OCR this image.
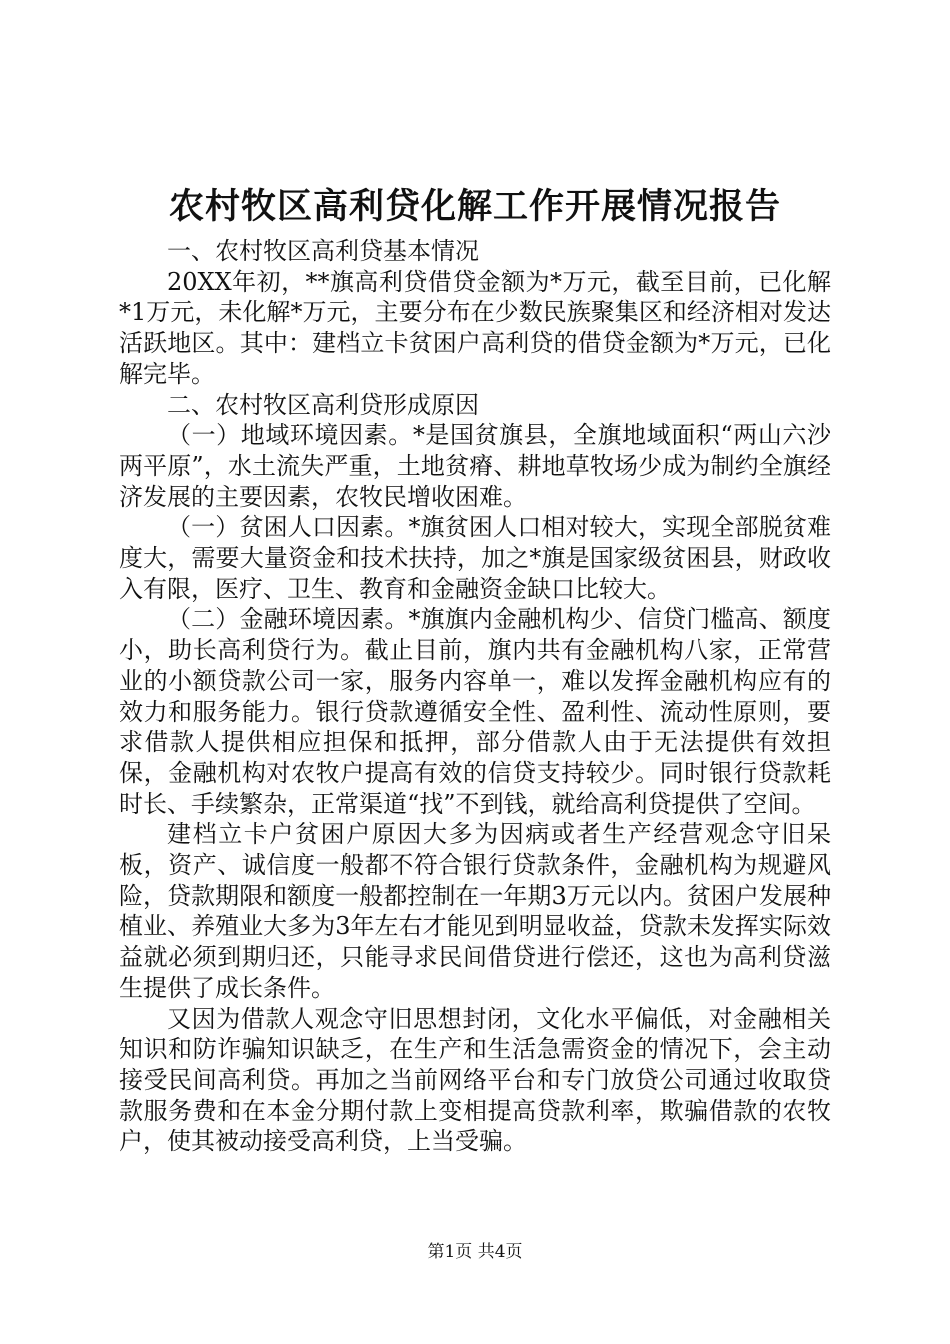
农村牧区高利贷化解工作开展情况报告

一、农村牧区高利贷基本情况

20XX年初，**旗高利贷借贷金额为*万元，截至目前，已化解*1万元，未化解*万元，主要分布在少数民族聚集区和经济相对发达活跃地区。其中：建档立卡贫困户高利贷的借贷金额为*万元，已化解完毕。

二、农村牧区高利贷形成原因

（一）地域环境因素。*是国贫旗县，全旗地域面积“两山六沙两平原”，水土流失严重，土地贫瘠、耕地草牧场少成为制约全旗经济发展的主要因素，农牧民增收困难。

（一）贫困人口因素。*旗贫困人口相对较大，实现全部脱贫难度大，需要大量资金和技术扶持，加之*旗是国家级贫困县，财政收入有限，医疗、卫生、教育和金融资金缺口比较大。

（二）金融环境因素。*旗旗内金融机构少、信贷门槛高、额度小，助长高利贷行为。截止目前，旗内共有金融机构八家，正常营业的小额贷款公司一家，服务内容单一，难以发挥金融机构应有的效力和服务能力。银行贷款遵循安全性、盈利性、流动性原则，要求借款人提供相应担保和抵押，部分借款人由于无法提供有效担保，金融机构对农牧户提高有效的信贷支持较少。同时银行贷款耗时长、手续繁杂，正常渠道“找”不到钱，就给高利贷提供了空间。

建档立卡户贫困户原因大多为因病或者生产经营观念守旧呆板，资产、诚信度一般都不符合银行贷款条件，金融机构为规避风险，贷款期限和额度一般都控制在一年期3万元以内。贫困户发展种植业、养殖业大多为3年左右才能见到明显收益，贷款未发挥实际效益就必须到期归还，只能寻求民间借贷进行偿还，这也为高利贷滋生提供了成长条件。

又因为借款人观念守旧思想封闭，文化水平偏低，对金融相关知识和防诈骗知识缺乏，在生产和生活急需资金的情况下，会主动接受民间高利贷。再加之当前网络平台和专门放贷公司通过收取贷款服务费和在本金分期付款上变相提高贷款利率，欺骗借款的农牧户，使其被动接受高利贷，上当受骗。

第1页 共4页
